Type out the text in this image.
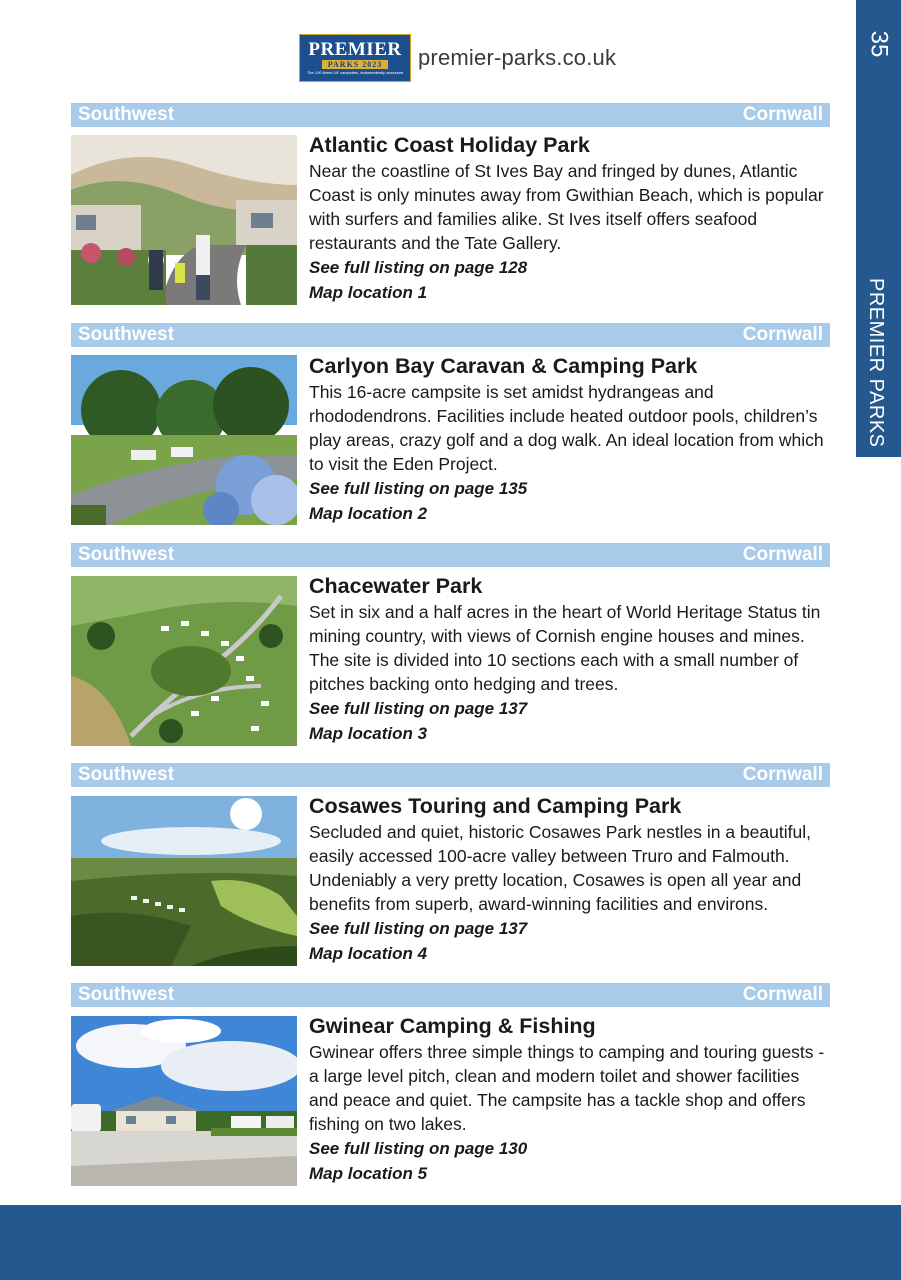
35
PREMIER PARKS
PREMIER
PARKS 2023
The 100 finest UK campsites, independently assessed
premier-parks.co.uk
Southwest	Cornwall

Atlantic Coast Holiday Park

Near the coastline of St Ives Bay and fringed by dunes, Atlantic Coast is only minutes away from Gwithian Beach, which is popular with surfers and families alike. St Ives itself offers seafood restaurants and the Tate Gallery.

See full listing on page 128

Map location 1

Southwest	Cornwall

Carlyon Bay Caravan & Camping Park

This 16-acre campsite is set amidst hydrangeas and rhododendrons. Facilities include heated outdoor pools, children’s play areas, crazy golf and a dog walk. An ideal location from which to visit the Eden Project.

See full listing on page 135

Map location 2

Southwest	Cornwall

Chacewater Park

Set in six and a half acres in the heart of World Heritage Status tin mining country, with views of Cornish engine houses and mines. The site is divided into 10 sections each with a small number of pitches backing onto hedging and trees.

See full listing on page 137

Map location 3

Southwest	Cornwall

Cosawes Touring and Camping Park

Secluded and quiet, historic Cosawes Park nestles in a beautiful, easily accessed 100-acre valley between Truro and Falmouth. Undeniably a very pretty location, Cosawes is open all year and benefits from superb, award-winning facilities and environs.

See full listing on page 137

Map location 4

Southwest	Cornwall

Gwinear Camping & Fishing

Gwinear offers three simple things to camping and touring guests - a large level pitch, clean and modern toilet and shower facilities and peace and quiet. The campsite has a tackle shop and offers fishing on two lakes.

See full listing on page 130

Map location 5
